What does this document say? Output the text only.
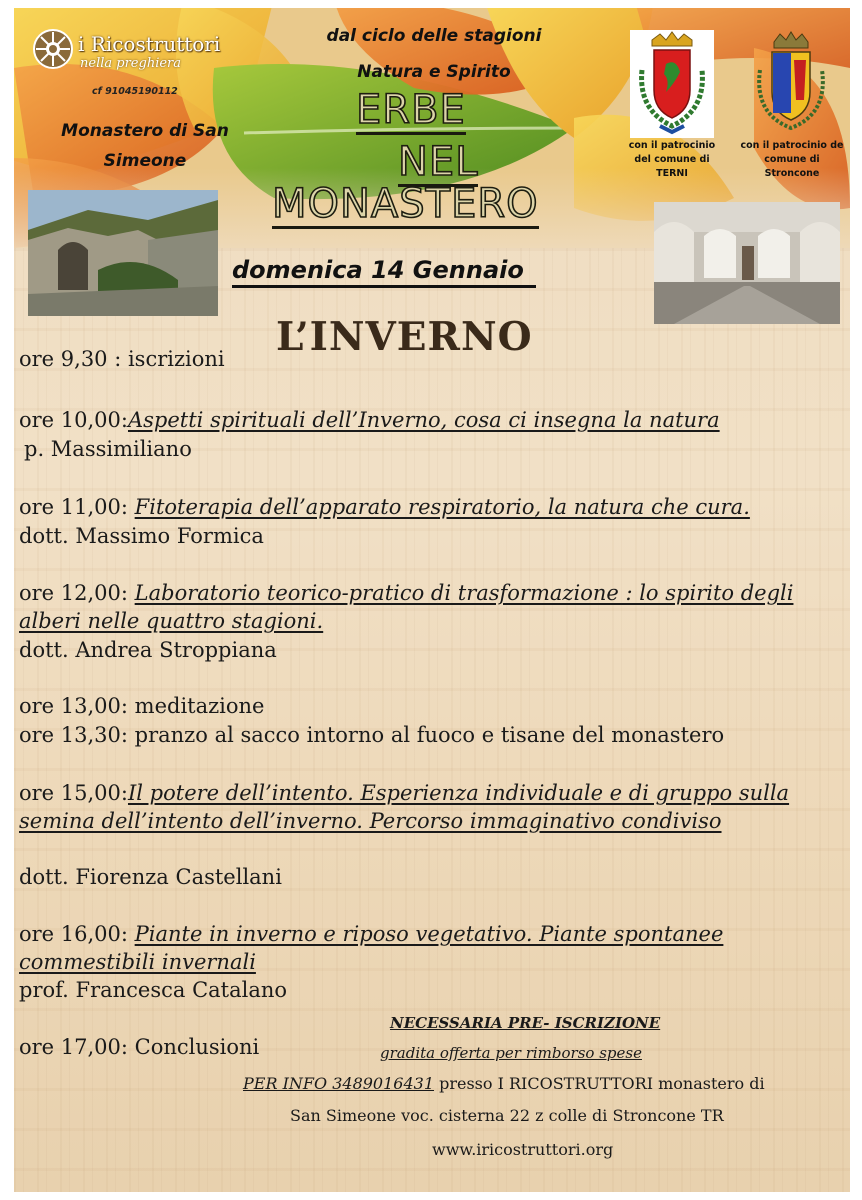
i Ricostruttori
nella preghiera
cf 91045190112
Monastero di San
Simeone
dal ciclo delle stagioni
Natura e Spirito
ERBE
NEL
MONASTERO
con il patrocinio
del comune di
TERNI
con il patrocinio de
comune di
Stroncone
domenica 14 Gennaio
L’INVERNO
ore 9,30 : iscrizioni
ore 10,00:Aspetti spirituali dell’Inverno, cosa ci insegna la natura
p. Massimiliano
ore 11,00: Fitoterapia dell’apparato respiratorio, la natura che cura.
dott. Massimo Formica
ore 12,00: Laboratorio teorico-pratico di trasformazione : lo spirito degli alberi nelle quattro stagioni.
dott. Andrea Stroppiana
ore 13,00: meditazione
ore 13,30: pranzo al sacco intorno al fuoco e tisane del monastero
ore 15,00:Il potere dell’intento. Esperienza individuale e di gruppo sulla semina dell’intento dell’inverno. Percorso immaginativo condiviso
dott. Fiorenza Castellani
ore 16,00: Piante in inverno e riposo vegetativo. Piante spontanee commestibili invernali
prof. Francesca Catalano
ore 17,00: Conclusioni
NECESSARIA PRE- ISCRIZIONE
gradita offerta per rimborso spese
PER INFO 3489016431 presso I RICOSTRUTTORI monastero di
San Simeone voc. cisterna 22 z colle di Stroncone TR
www.iricostruttori.org
